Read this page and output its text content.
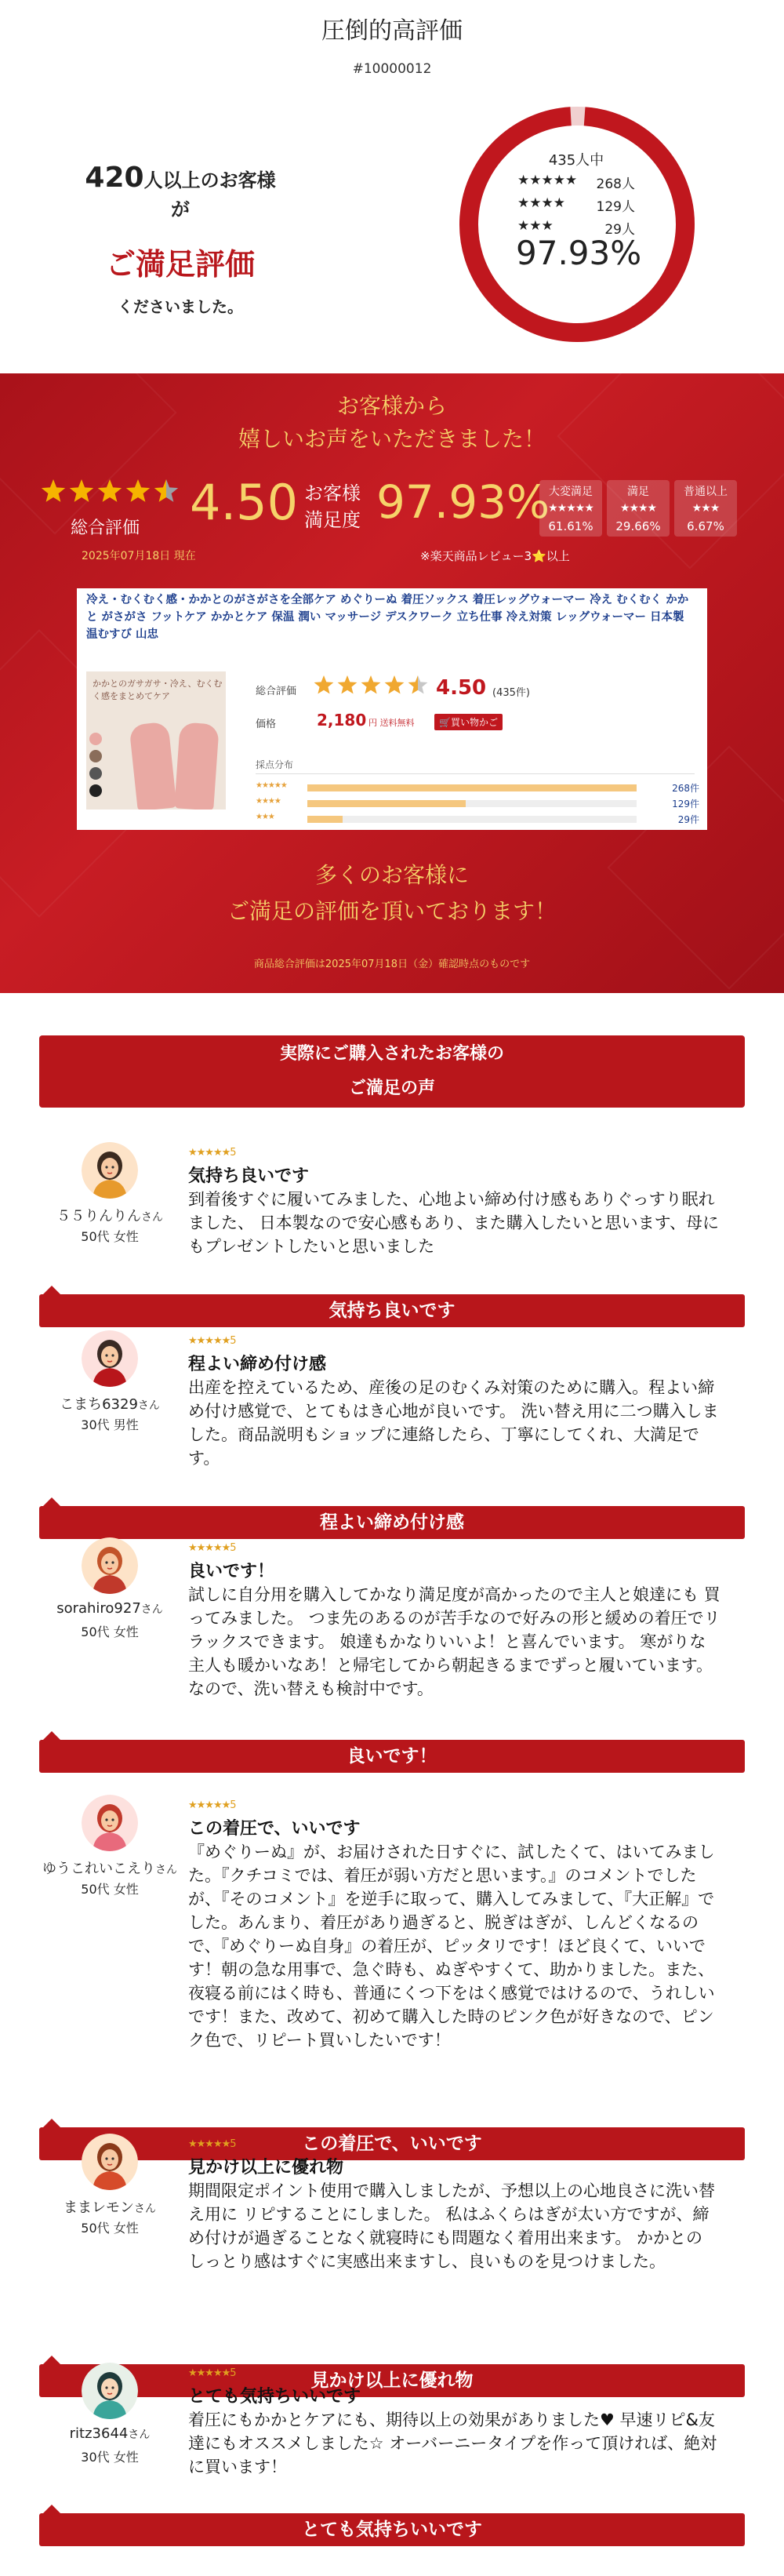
圧倒的高評価
#10000012
420人以上のお客様が
ご満足評価
くださいました。
435人中
★★★★★ 268人
★★★★ 129人
★★★	29人
97.93%
お客様から
嬉しいお声をいただきました！
総合評価
2025年07月18日 現在
4.50 お客様
満足度 97.93%
※楽天商品レビュー3⭐以上
大変満足
★★★★★
61.61%
満足
★★★★
29.66%
普通以上
★★★
6.67%
冷え・むくむく感・かかとのがさがさを全部ケア めぐりーぬ 着圧ソックス 着圧レッグウォーマー 冷え むくむく かかと がさがさ フットケア かかとケア 保温 潤い マッサージ デスクワーク 立ち仕事 冷え対策 レッグウォーマー 日本製 温むすび 山忠
かかとのガサガサ・冷え、むくむく感をまとめてケア	総合評価	4.50 (435件)
価格	2,180 円 送料無料	🛒買い物かご
採点分布
★★★★★	268件
★★★★	129件
★★★	29件
多くのお客様に
ご満足の評価を頂いております！
商品総合評価は2025年07月18日（金）確認時点のものです
実際にご購入されたお客様の
ご満足の声
５５りんりんさん
50代 女性
★★★★★5
気持ち良いです
到着後すぐに履いてみました、心地よい締め付け感もありぐっすり眠れました、 日本製なので安心感もあり、また購入したいと思います、母にもプレゼントしたいと思いました
気持ち良いです
こまち6329さん
30代 男性
★★★★★5
程よい締め付け感
出産を控えているため、産後の足のむくみ対策のために購入。程よい締め付け感覚で、とてもはき心地が良いです。 洗い替え用に二つ購入しました。商品説明もショップに連絡したら、丁寧にしてくれ、大満足です。
程よい締め付け感
sorahiro927さん
50代 女性
★★★★★5
良いです！
試しに自分用を購入してかなり満足度が高かったので主人と娘達にも 買ってみました。 つま先のあるのが苦手なので好みの形と緩めの着圧でリラックスできます。 娘達もかなりいいよ！と喜んでいます。 寒がりな主人も暖かいなあ！と帰宅してから朝起きるまでずっと履いています。 なので、洗い替えも検討中です。
良いです！
ゆうこれいこえりさん
50代 女性
★★★★★5
この着圧で、いいです
『めぐりーぬ』が、お届けされた日すぐに、試したくて、はいてみました。『クチコミでは、着圧が弱い方だと思います。』のコメントでしたが、『そのコメント』を逆手に取って、購入してみまして、『大正解』でした。あんまり、着圧があり過ぎると、脱ぎはぎが、しんどくなるので、『めぐりーぬ自身』の着圧が、ピッタリです！ほど良くて、いいです！朝の急な用事で、急ぐ時も、ぬぎやすくて、助かりました。また、夜寝る前にはく時も、普通にくつ下をはく感覚ではけるので、うれしいです！また、改めて、初めて購入した時のピンク色が好きなので、ピンク色で、リピート買いしたいです！
この着圧で、いいです
ままレモンさん
50代 女性
★★★★★5
見かけ以上に優れ物
期間限定ポイント使用で購入しましたが、予想以上の心地良さに洗い替え用に リピすることにしました。 私はふくらはぎが太い方ですが、締め付けが過ぎることなく就寝時にも問題なく着用出来ます。 かかとの しっとり感はすぐに実感出来ますし、良いものを見つけました。
見かけ以上に優れ物
ritz3644さん
30代 女性
★★★★★5
とても気持ちいいです
着圧にもかかとケアにも、期待以上の効果がありました♥ 早速リピ&友達にもオススメしました☆ オーバーニータイプを作って頂ければ、絶対に買います！
とても気持ちいいです
